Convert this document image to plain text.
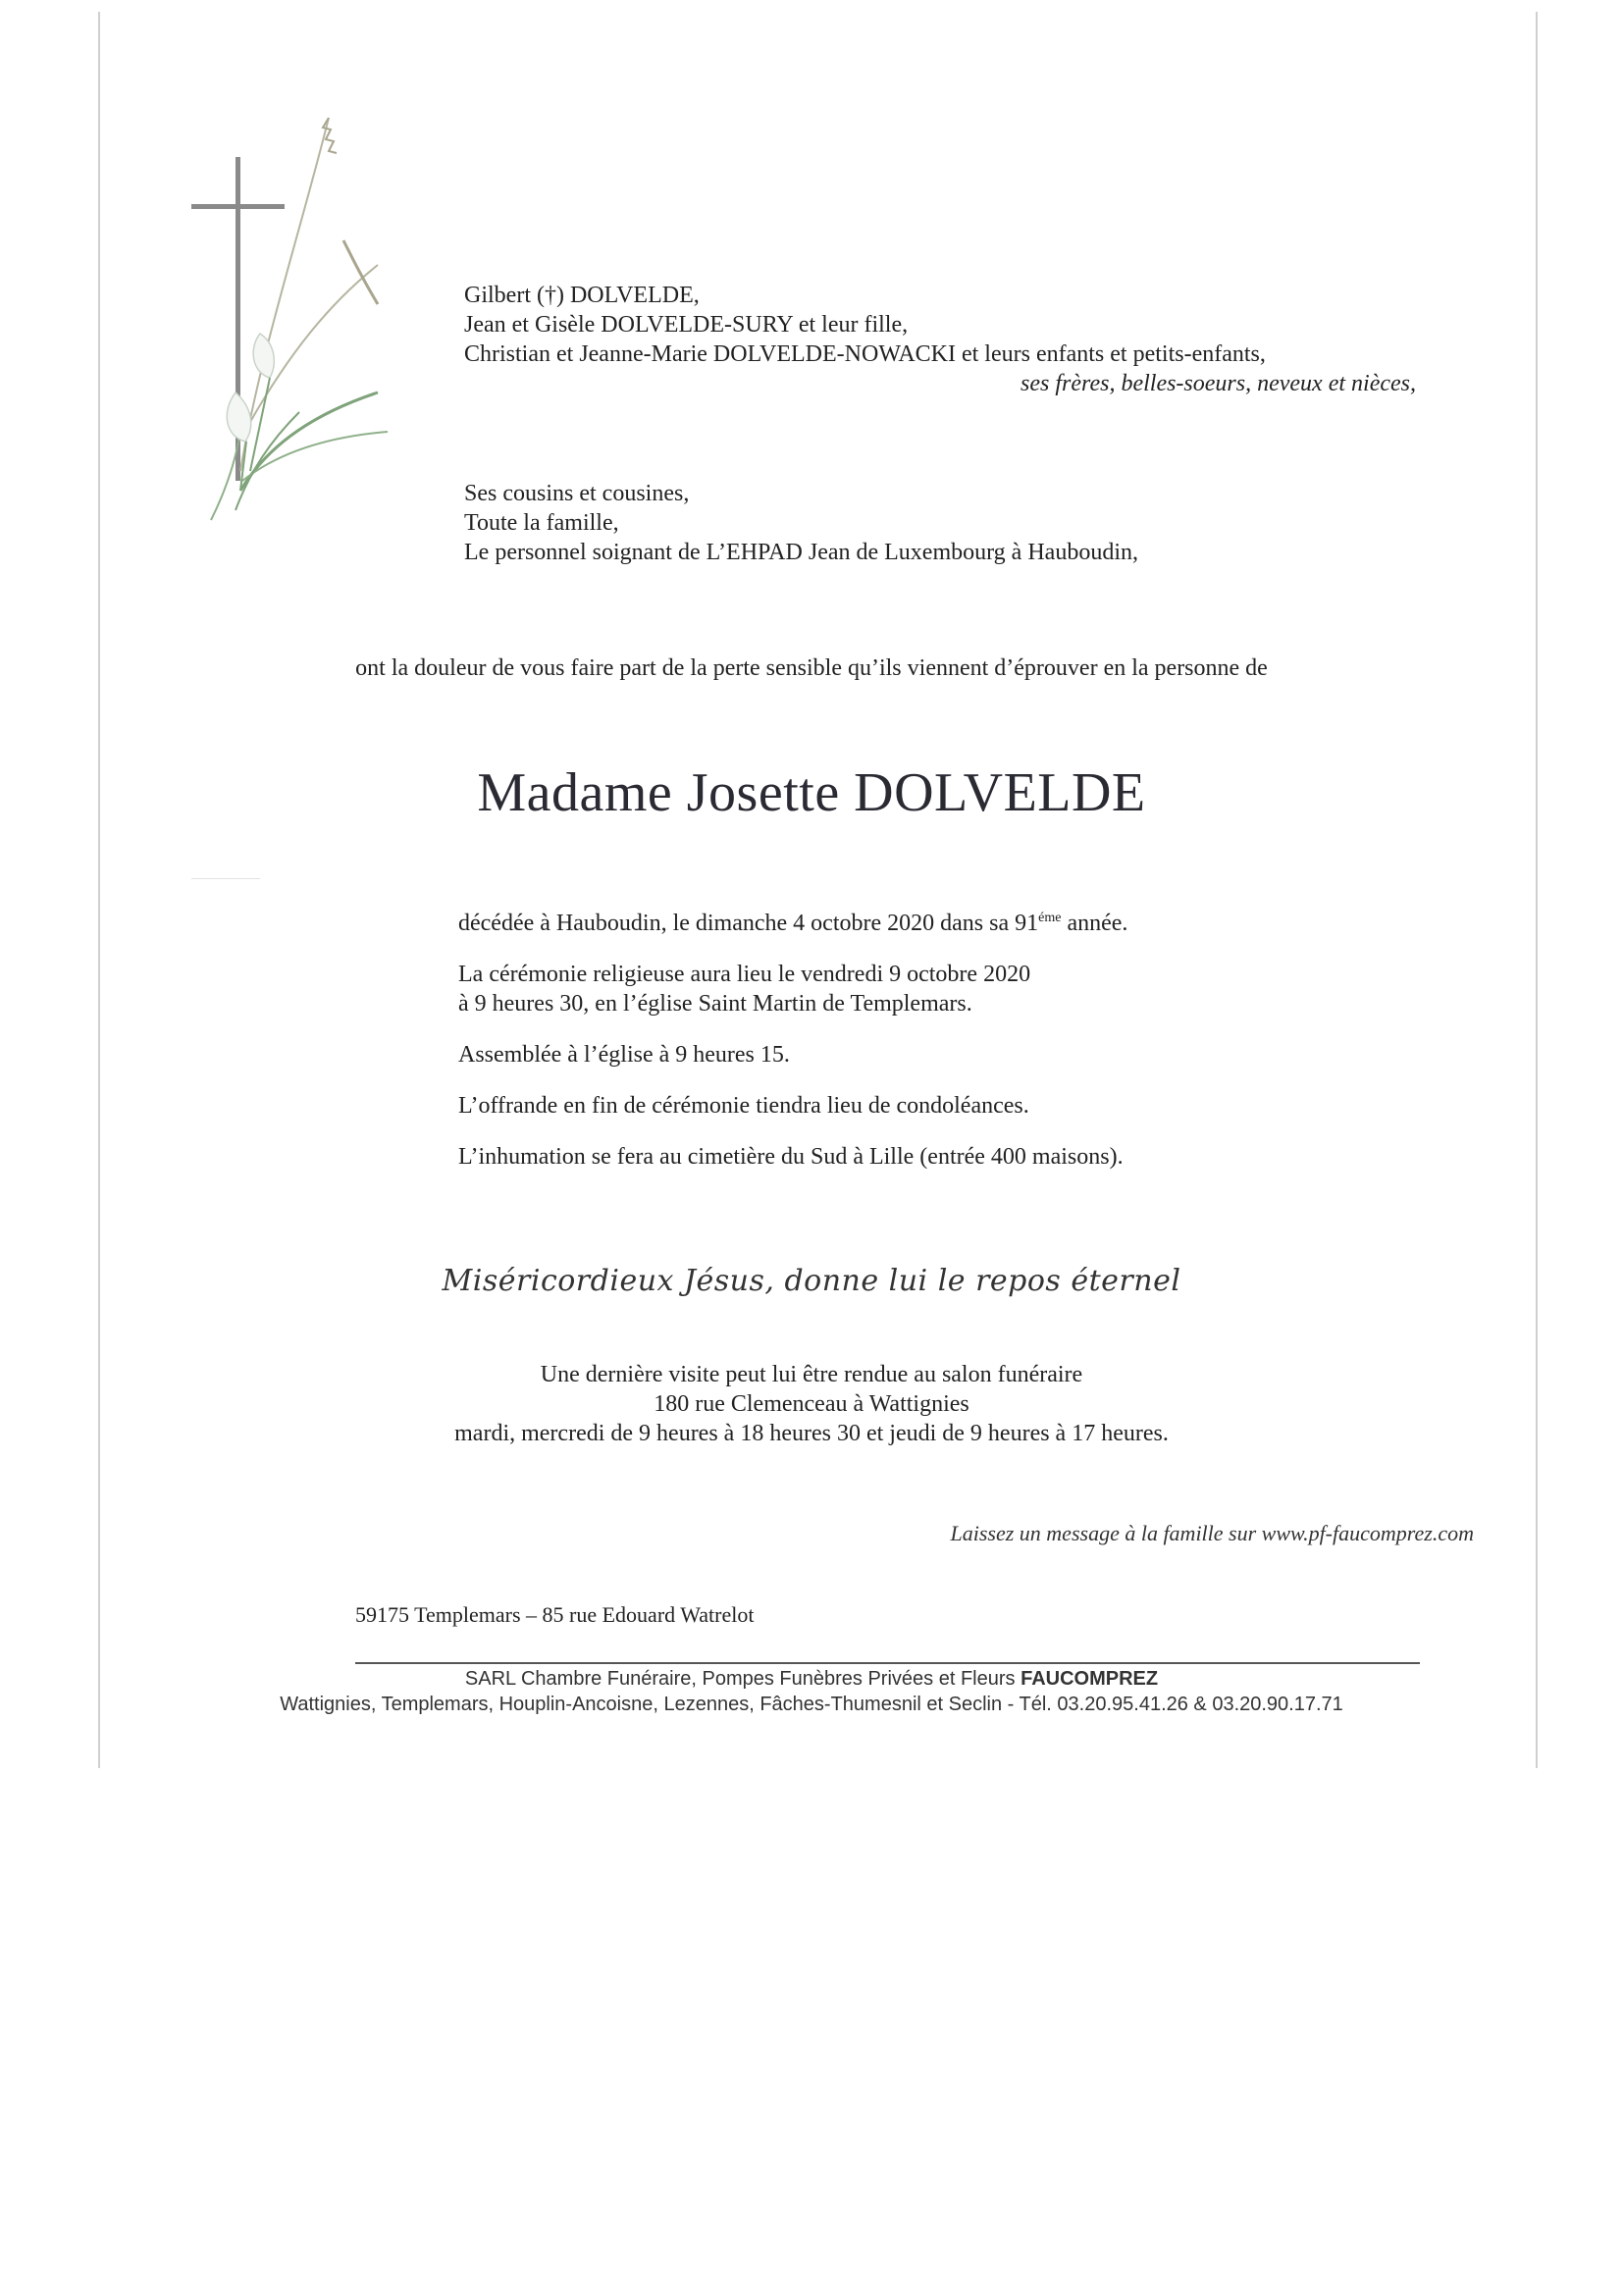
Gilbert (†) DOLVELDE,
Jean et Gisèle DOLVELDE-SURY et leur fille,
Christian et Jeanne-Marie DOLVELDE-NOWACKI et leurs enfants et petits-enfants,
ses frères, belles-soeurs, neveux et nièces,
Ses cousins et cousines,
Toute la famille,
Le personnel soignant de L’EHPAD Jean de Luxembourg à Hauboudin,
ont la douleur de vous faire part de la perte sensible qu’ils viennent d’éprouver en la personne de
Madame Josette DOLVELDE

décédée à Hauboudin, le dimanche 4 octobre 2020 dans sa $91^{éme}$ année.

La cérémonie religieuse aura lieu le vendredi 9 octobre 2020

à 9 heures 30, en l’église Saint Martin de Templemars.

Assemblée à l’église à 9 heures 15.

L’offrande en fin de cérémonie tiendra lieu de condoléances.

L’inhumation se fera au cimetière du Sud à Lille (entrée 400 maisons).

Miséricordieux Jésus, donne lui le repos éternel

Une dernière visite peut lui être rendue au salon funéraire

180 rue Clemenceau à Wattignies

mardi, mercredi de 9 heures à 18 heures 30 et jeudi de 9 heures à 17 heures.

Laissez un message à la famille sur www.pf-faucomprez.com
59175 Templemars – 85 rue Edouard Watrelot

SARL Chambre Funéraire, Pompes Funèbres Privées et Fleurs FAUCOMPREZ

Wattignies, Templemars, Houplin-Ancoisne, Lezennes, Fâches-Thumesnil et Seclin - Tél. 03.20.95.41.26 & 03.20.90.17.71
